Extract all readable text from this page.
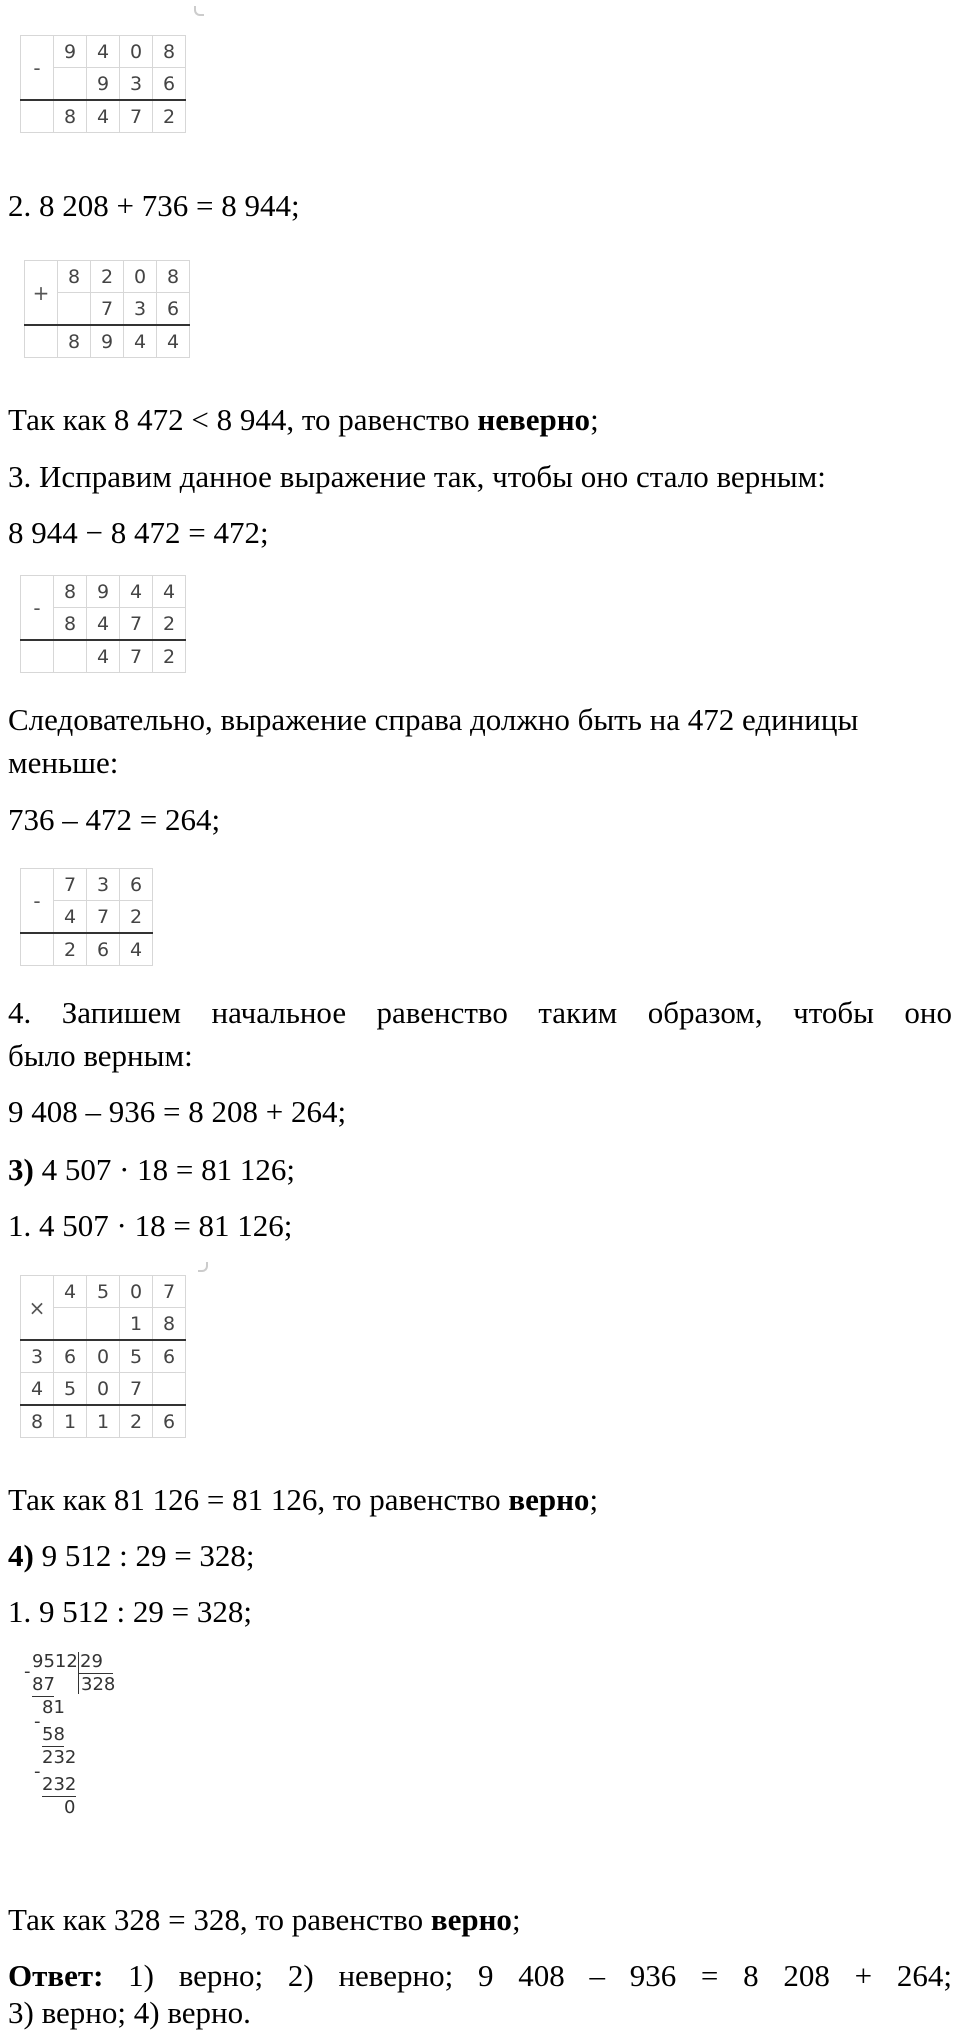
-	9	4	0	8
		9	3	6
	8	4	7	2
2. 8 208 + 736 = 8 944;
+	8	2	0	8
		7	3	6
	8	9	4	4
Так как 8 472 < 8 944, то равенство неверно;
3. Исправим данное выражение так, чтобы оно стало верным:
8 944 − 8 472 = 472;
-	8	9	4	4
	8	4	7	2
		4	7	2
Следовательно, выражение справа должно быть на 472 единицы
меньше:
736 – 472 = 264;
-	7	3	6
	4	7	2
	2	6	4
4. Запишем начальное равенство таким образом, чтобы оно
было верным:
9 408 – 936 = 8 208 + 264;
3) 4 507 · 18 = 81 126;
1. 4 507 · 18 = 81 126;
×	4	5	0	7
			1	8
3	6	0	5	6
4	5	0	7	
8	1	1	2	6
Так как 81 126 = 81 126, то равенство верно;
4) 9 512 : 29 = 328;
1. 9 512 : 29 = 328;
9512 29
328
-
87
81
-
58
232
-
232
0
Так как 328 = 328, то равенство верно;
Ответ: 1) верно; 2) неверно; 9 408 – 936 = 8 208 + 264;
3) верно; 4) верно.
